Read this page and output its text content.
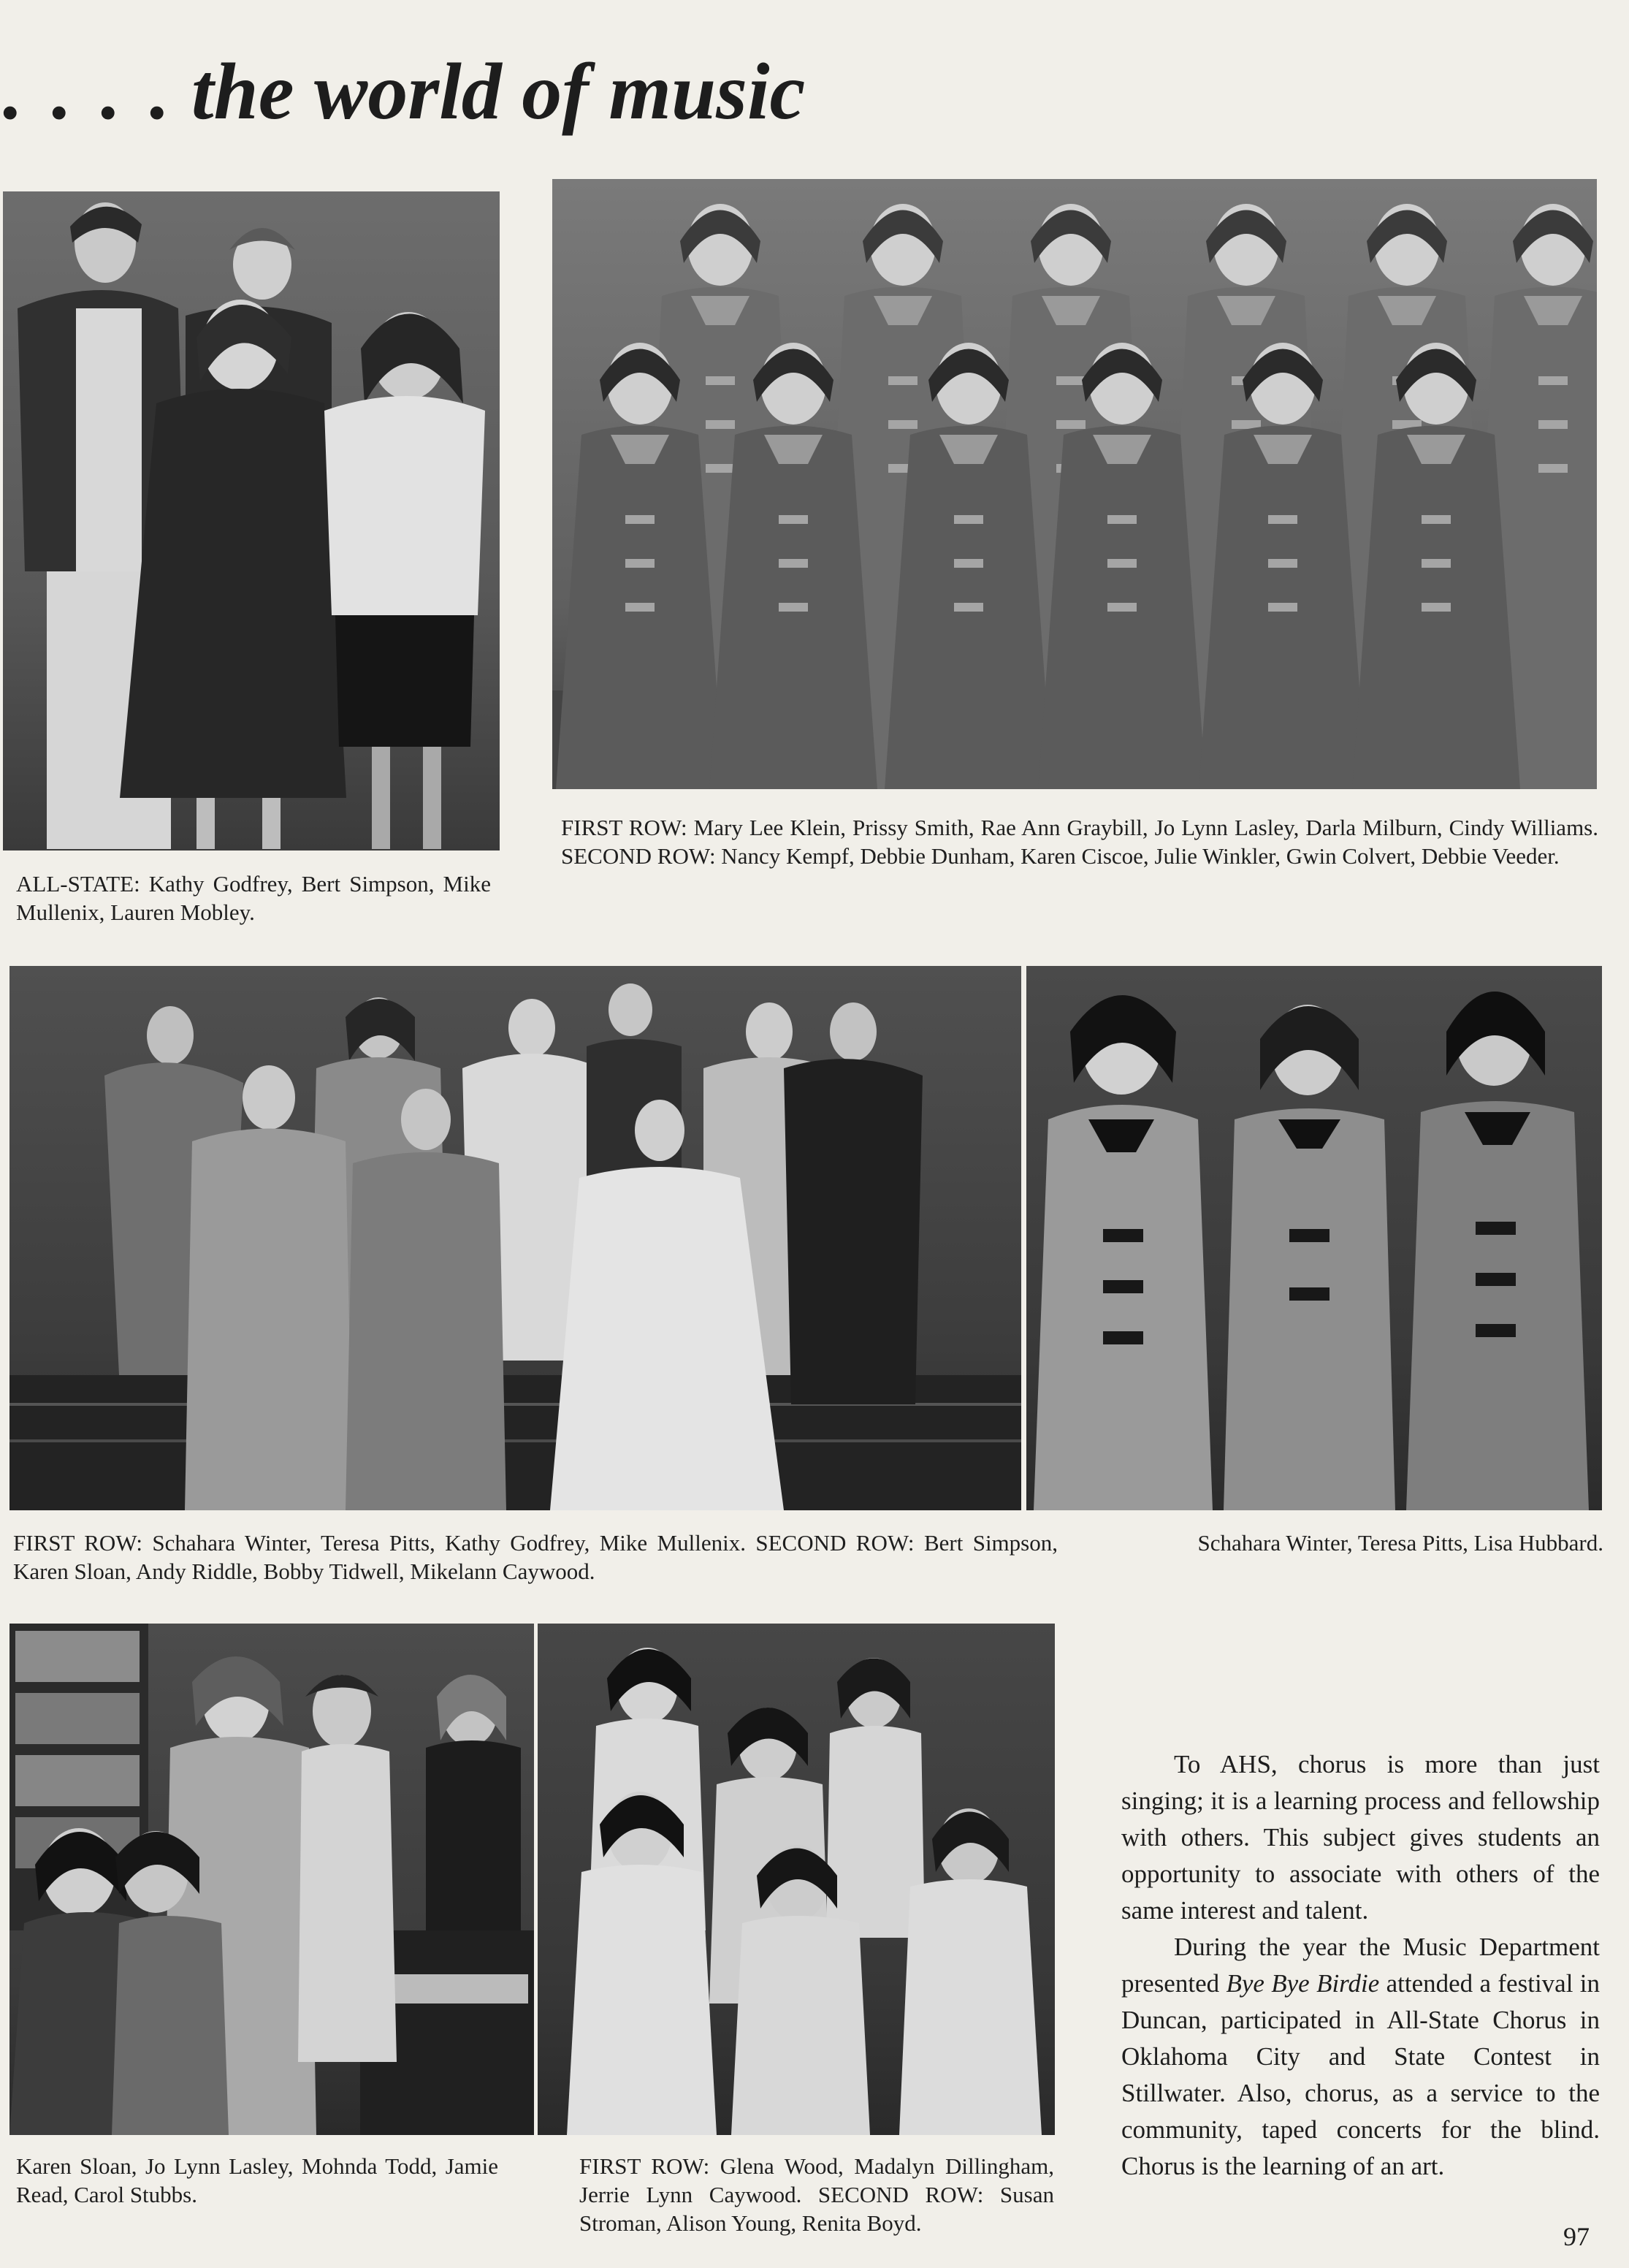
. . . . the world of music
ALL-STATE: Kathy Godfrey, Bert Simpson, Mike Mullenix, Lauren Mobley.
FIRST ROW: Mary Lee Klein, Prissy Smith, Rae Ann Graybill, Jo Lynn Lasley, Darla Milburn, Cindy Williams. SECOND ROW: Nancy Kempf, Debbie Dunham, Karen Ciscoe, Julie Winkler, Gwin Colvert, Debbie Veeder.
FIRST ROW: Schahara Winter, Teresa Pitts, Kathy Godfrey, Mike Mullenix. SECOND ROW: Bert Simpson, Karen Sloan, Andy Riddle, Bobby Tidwell, Mikelann Caywood.
Schahara Winter, Teresa Pitts, Lisa Hubbard.
Karen Sloan, Jo Lynn Lasley, Mohnda Todd, Jamie Read, Carol Stubbs.
FIRST ROW: Glena Wood, Madalyn Dillingham, Jerrie Lynn Caywood. SECOND ROW: Susan Stroman, Alison Young, Renita Boyd.

To AHS, chorus is more than just singing; it is a learning process and fellowship with others. This subject gives students an opportunity to associate with others of the same interest and talent.

During the year the Music Department presented Bye Bye Birdie attended a festival in Duncan, participated in All-State Chorus in Oklahoma City and State Contest in Stillwater. Also, chorus, as a service to the community, taped concerts for the blind. Chorus is the learning of an art.

97
